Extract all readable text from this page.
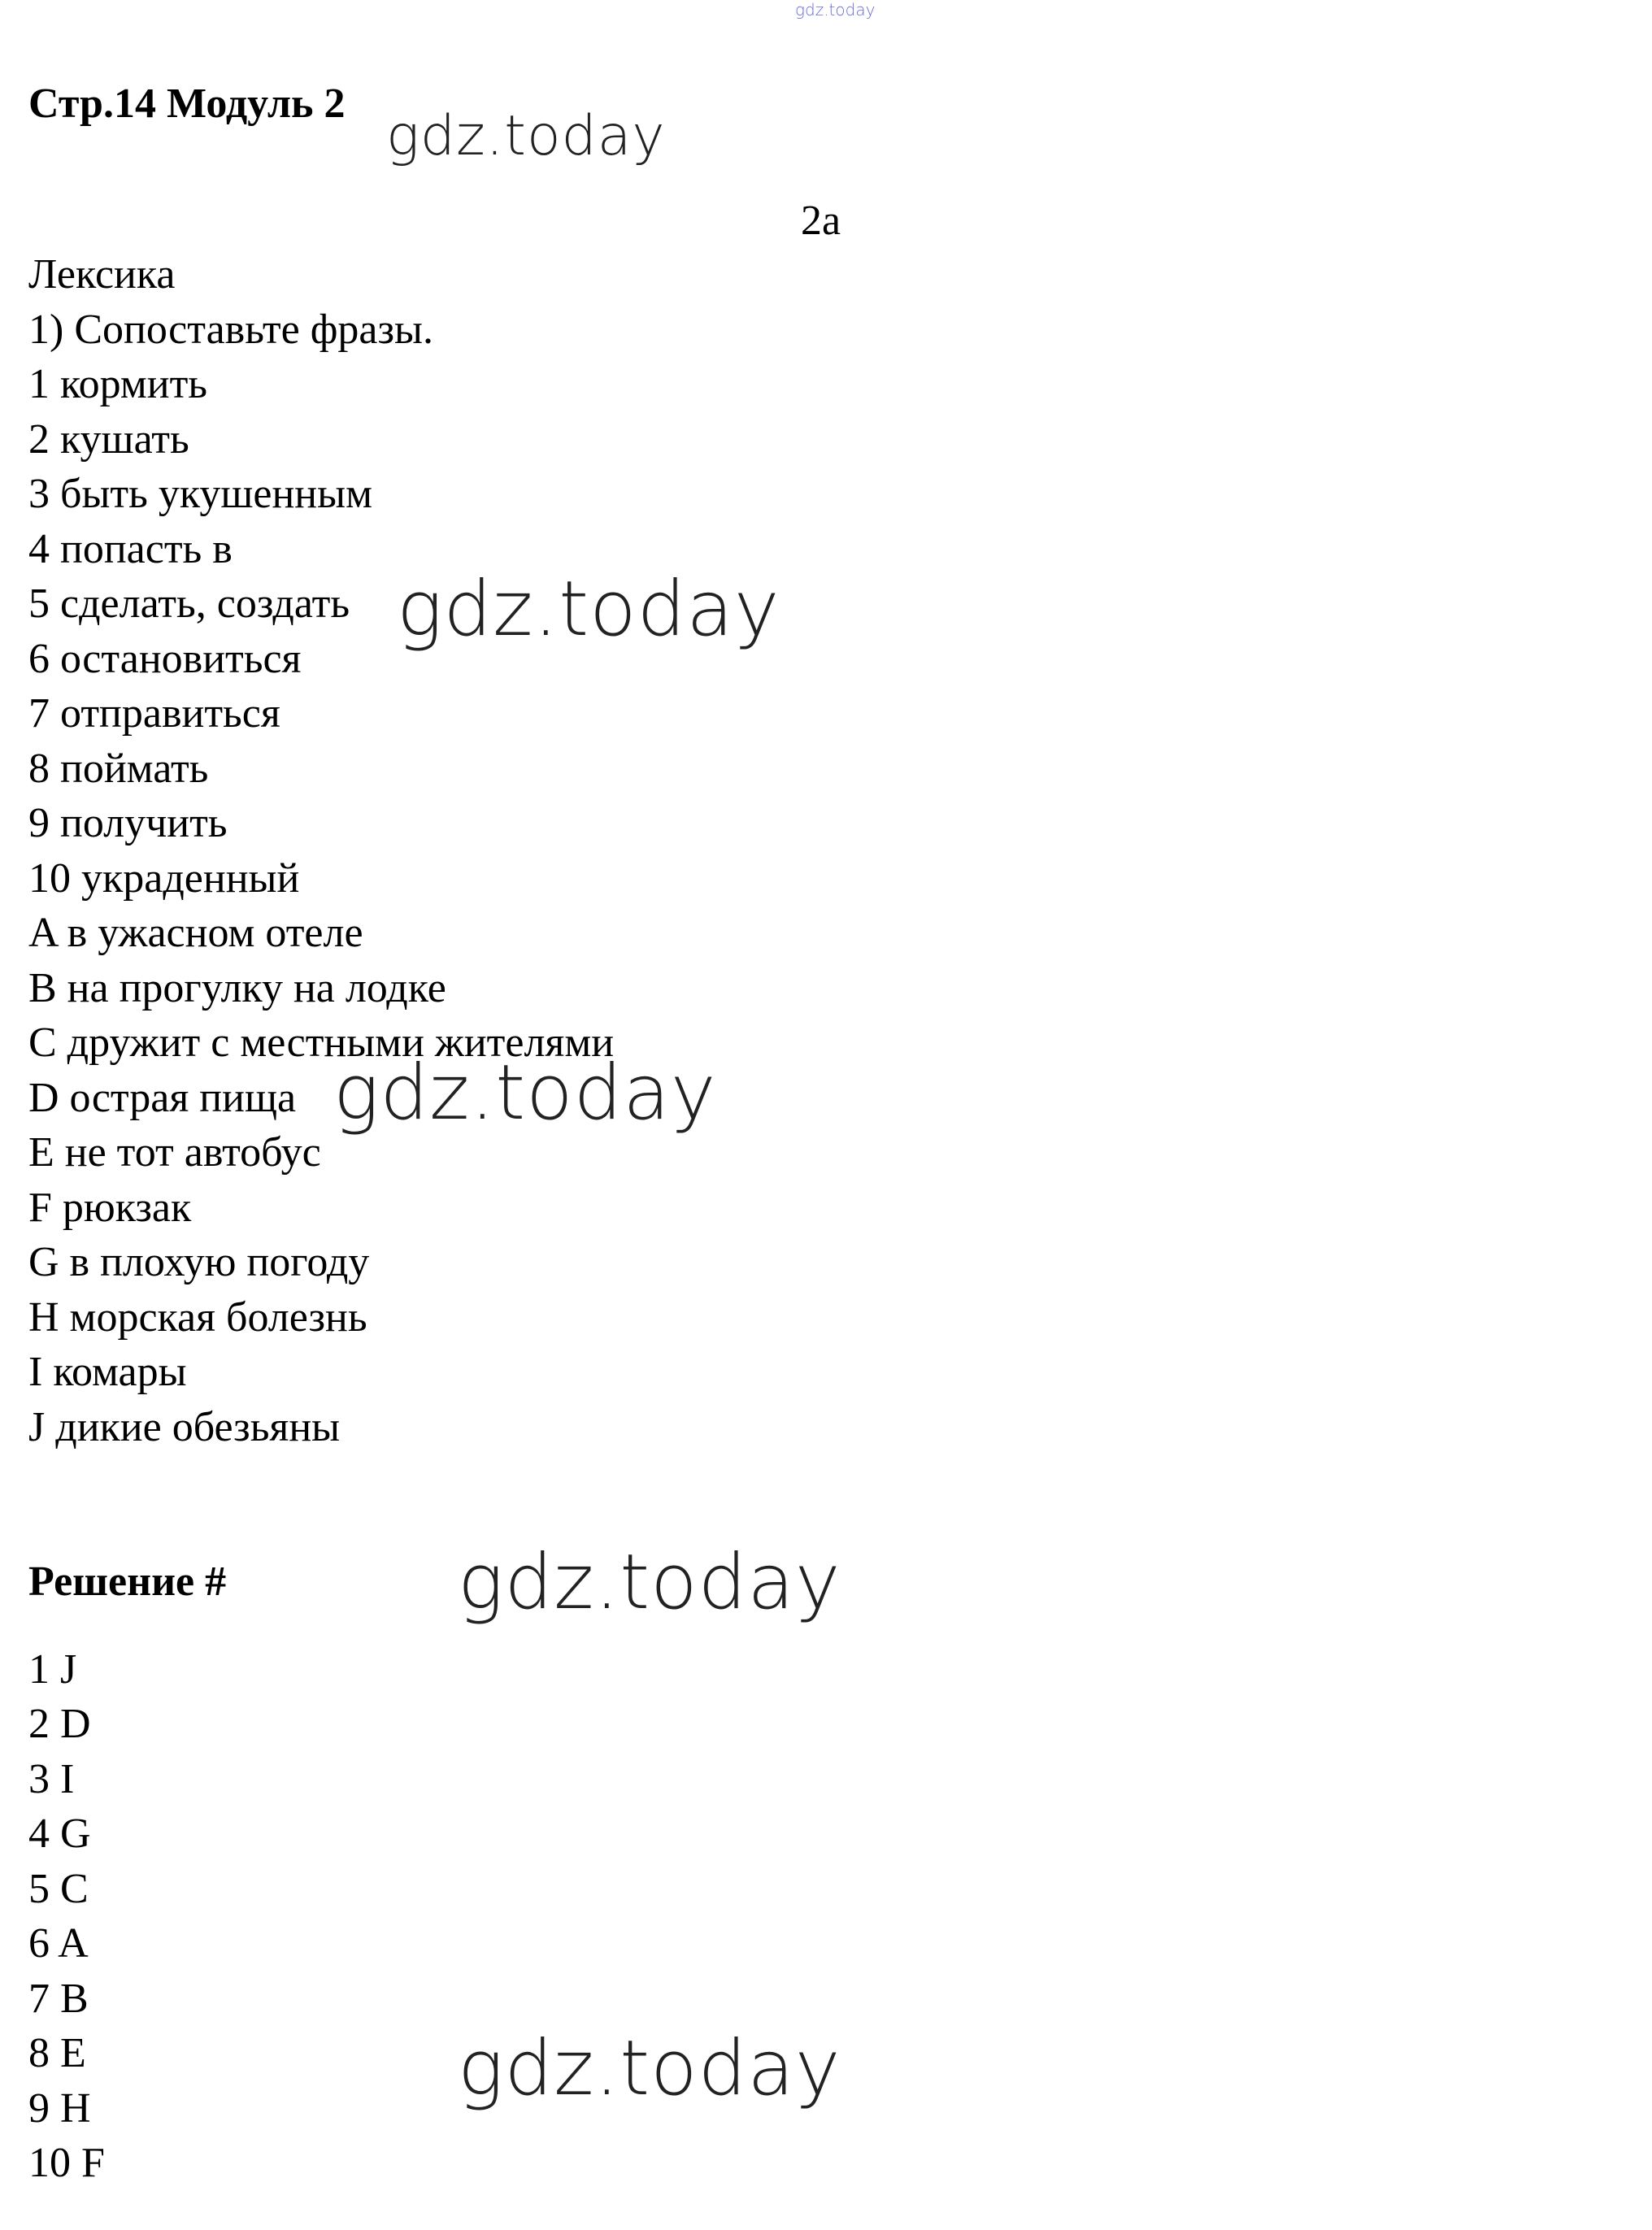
gdz.today
Стр.14 Модуль 2
gdz.today
2a
Лексика
1) Сопоставьте фразы.
1 кормить
2 кушать
3 быть укушенным
4 попасть в
5 сделать, создать
6 остановиться
7 отправиться
8 поймать
9 получить
10 украденный
gdz.today
A в ужасном отеле
B на прогулку на лодке
C дружит с местными жителями
D острая пища
E не тот автобус
F рюкзак
G в плохую погоду
H морская болезнь
I комары
J дикие обезьяны
gdz.today
Решение #	gdz.today
1 J
2 D
3 I
4 G
5 C
6 A
7 B
8 E
9 H
10 F
gdz.today
